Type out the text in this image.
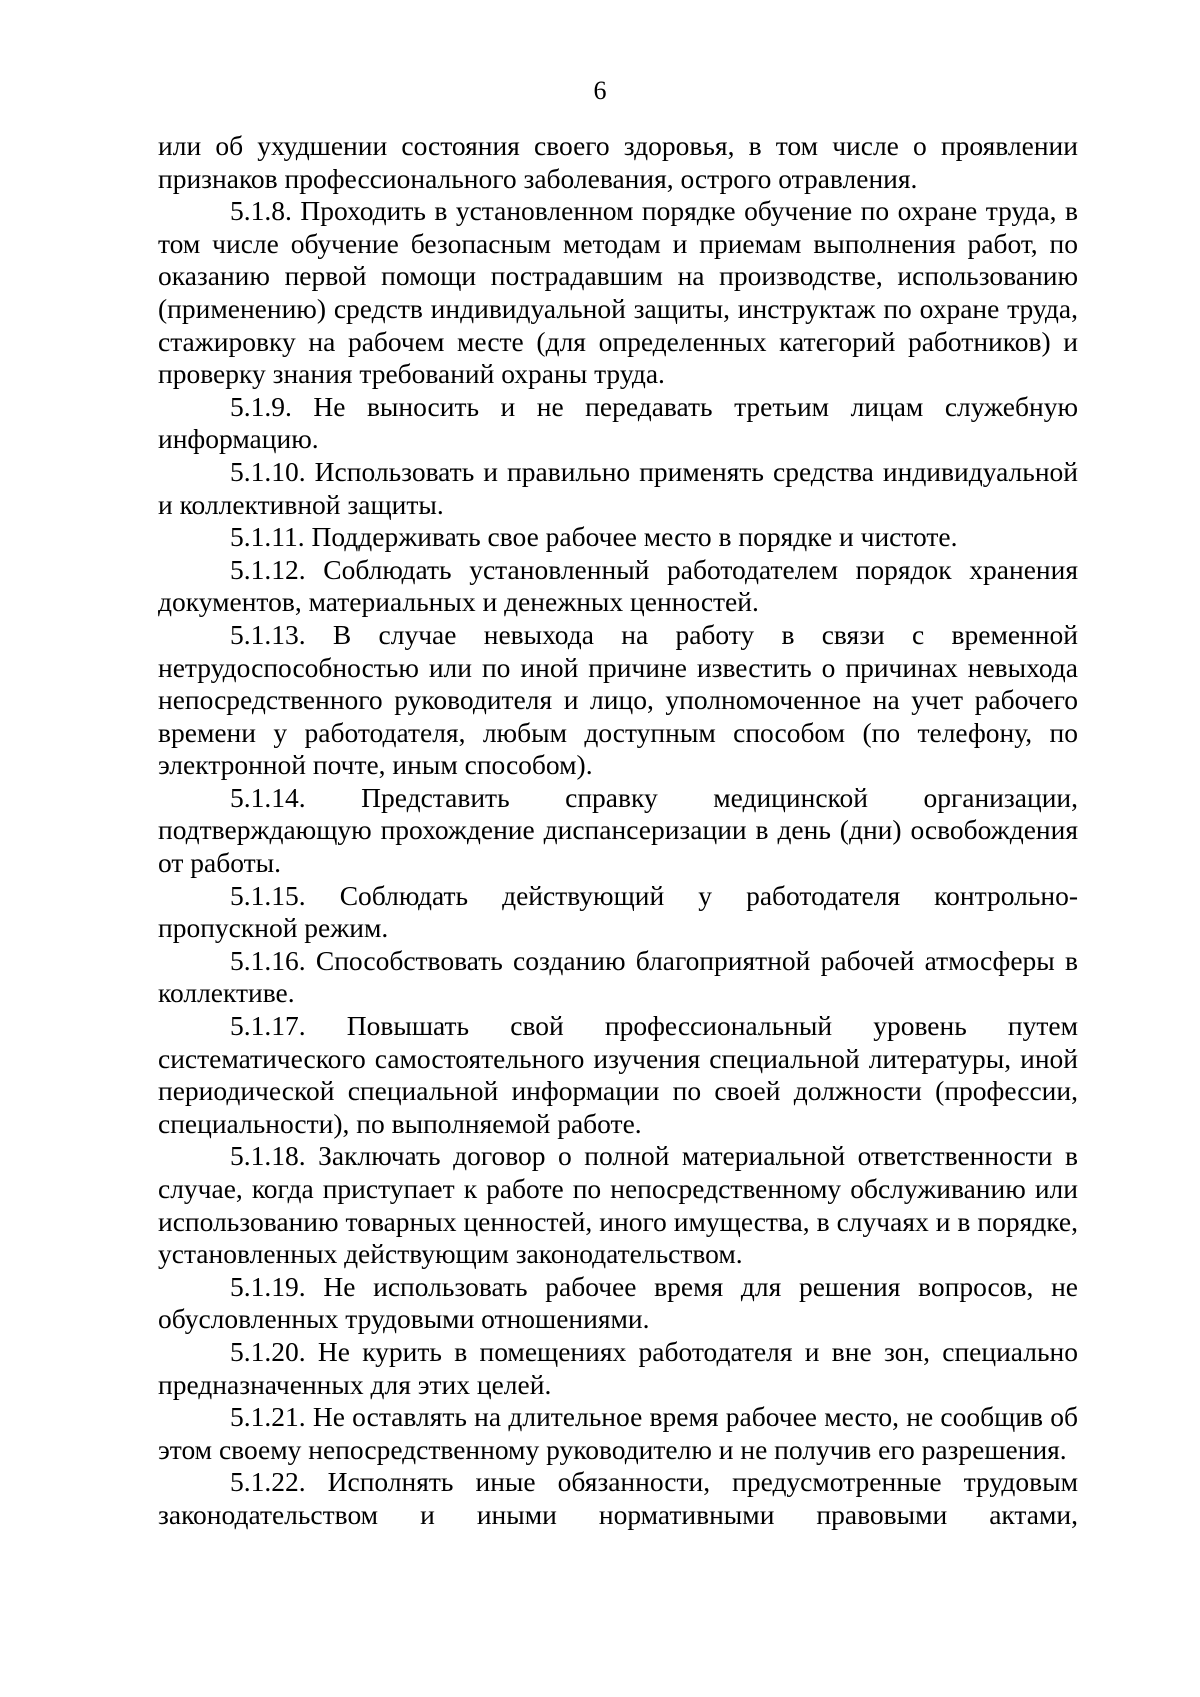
6

или об ухудшении состояния своего здоровья, в том числе о проявлении признаков профессионального заболевания, острого отравления.

5.1.8. Проходить в установленном порядке обучение по охране труда, в том числе обучение безопасным методам и приемам выполнения работ, по оказанию первой помощи пострадавшим на производстве, использованию (применению) средств индивидуальной защиты, инструктаж по охране труда, стажировку на рабочем месте (для определенных категорий работников) и проверку знания требований охраны труда.

5.1.9. Не выносить и не передавать третьим лицам служебную информацию.

5.1.10. Использовать и правильно применять средства индивидуальной и коллективной защиты.

5.1.11. Поддерживать свое рабочее место в порядке и чистоте.

5.1.12. Соблюдать установленный работодателем порядок хранения документов, материальных и денежных ценностей.

5.1.13. В случае невыхода на работу в связи с временной нетрудоспособностью или по иной причине известить о причинах невыхода непосредственного руководителя и лицо, уполномоченное на учет рабочего времени у работодателя, любым доступным способом (по телефону, по электронной почте, иным способом).

5.1.14. Представить справку медицинской организации, подтверждающую прохождение диспансеризации в день (дни) освобождения от работы.

5.1.15. Соблюдать действующий у работодателя контрольно-пропускной режим.

5.1.16. Способствовать созданию благоприятной рабочей атмосферы в коллективе.

5.1.17. Повышать свой профессиональный уровень путем систематического самостоятельного изучения специальной литературы, иной периодической специальной информации по своей должности (профессии, специальности), по выполняемой работе.

5.1.18. Заключать договор о полной материальной ответственности в случае, когда приступает к работе по непосредственному обслуживанию или использованию товарных ценностей, иного имущества, в случаях и в порядке, установленных действующим законодательством.

5.1.19. Не использовать рабочее время для решения вопросов, не обусловленных трудовыми отношениями.

5.1.20. Не курить в помещениях работодателя и вне зон, специально предназначенных для этих целей.

5.1.21. Не оставлять на длительное время рабочее место, не сообщив об этом своему непосредственному руководителю и не получив его разрешения.

5.1.22. Исполнять иные обязанности, предусмотренные трудовым законодательством и иными нормативными правовыми актами,
